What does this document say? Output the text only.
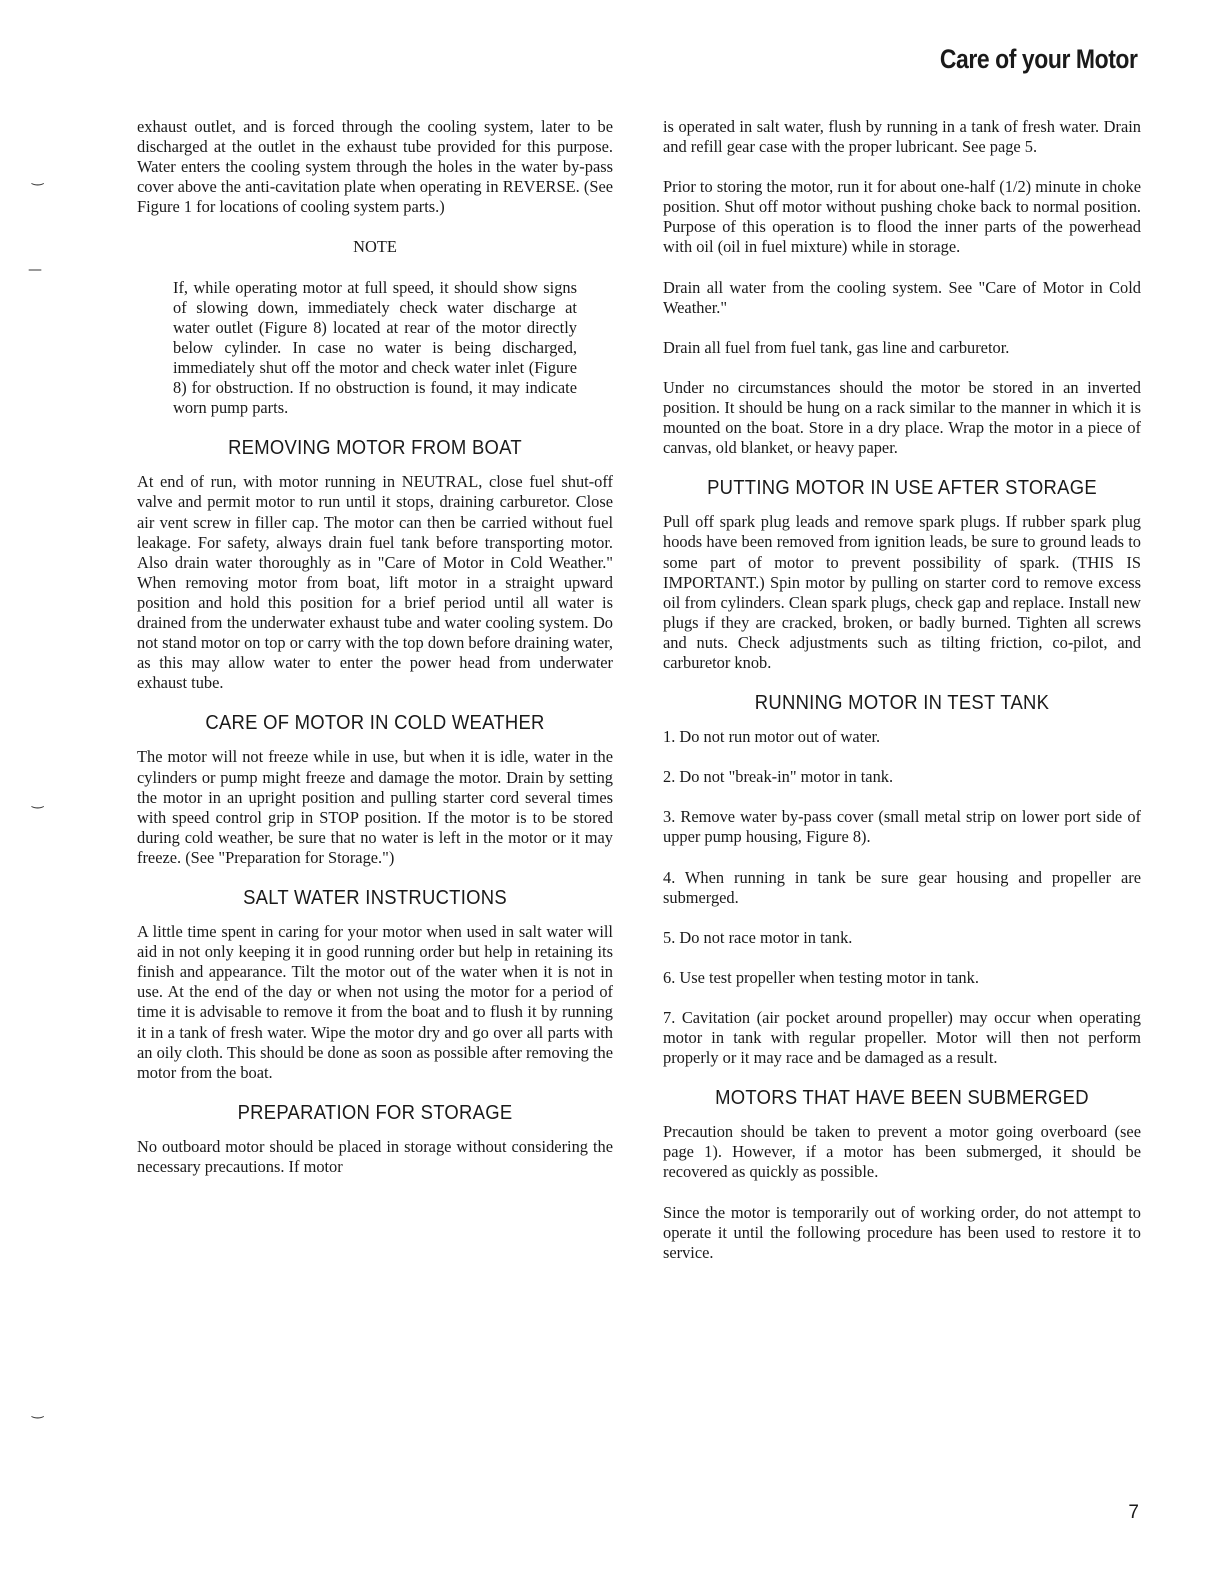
Care of your Motor
‿
—
‿
‿

exhaust outlet, and is forced through the cooling system, later to be discharged at the outlet in the exhaust tube provided for this purpose. Water enters the cooling system through the holes in the water by-pass cover above the anti-cavitation plate when operating in REVERSE. (See Figure 1 for locations of cooling system parts.)

NOTE

If, while operating motor at full speed, it should show signs of slowing down, immediately check water discharge at water outlet (Figure 8) located at rear of the motor directly below cylinder. In case no water is being discharged, immediately shut off the motor and check water inlet (Figure 8) for obstruction. If no obstruction is found, it may indicate worn pump parts.

REMOVING MOTOR FROM BOAT

At end of run, with motor running in NEUTRAL, close fuel shut-off valve and permit motor to run until it stops, draining carburetor. Close air vent screw in filler cap. The motor can then be carried without fuel leakage. For safety, always drain fuel tank before transporting motor. Also drain water thoroughly as in "Care of Motor in Cold Weather." When removing motor from boat, lift motor in a straight upward position and hold this position for a brief period until all water is drained from the underwater exhaust tube and water cooling system. Do not stand motor on top or carry with the top down before draining water, as this may allow water to enter the power head from underwater exhaust tube.

CARE OF MOTOR IN COLD WEATHER

The motor will not freeze while in use, but when it is idle, water in the cylinders or pump might freeze and damage the motor. Drain by setting the motor in an upright position and pulling starter cord several times with speed control grip in STOP position. If the motor is to be stored during cold weather, be sure that no water is left in the motor or it may freeze. (See "Preparation for Storage.")

SALT WATER INSTRUCTIONS

A little time spent in caring for your motor when used in salt water will aid in not only keeping it in good running order but help in retaining its finish and appearance. Tilt the motor out of the water when it is not in use. At the end of the day or when not using the motor for a period of time it is advisable to remove it from the boat and to flush it by running it in a tank of fresh water. Wipe the motor dry and go over all parts with an oily cloth. This should be done as soon as possible after removing the motor from the boat.

PREPARATION FOR STORAGE

No outboard motor should be placed in storage without considering the necessary precautions. If motor

is operated in salt water, flush by running in a tank of fresh water. Drain and refill gear case with the proper lubricant. See page 5.

Prior to storing the motor, run it for about one-half (1/2) minute in choke position. Shut off motor without pushing choke back to normal position. Purpose of this operation is to flood the inner parts of the powerhead with oil (oil in fuel mixture) while in storage.

Drain all water from the cooling system. See "Care of Motor in Cold Weather."

Drain all fuel from fuel tank, gas line and carburetor.

Under no circumstances should the motor be stored in an inverted position. It should be hung on a rack similar to the manner in which it is mounted on the boat. Store in a dry place. Wrap the motor in a piece of canvas, old blanket, or heavy paper.

PUTTING MOTOR IN USE AFTER STORAGE

Pull off spark plug leads and remove spark plugs. If rubber spark plug hoods have been removed from ignition leads, be sure to ground leads to some part of motor to prevent possibility of spark. (THIS IS IMPORTANT.) Spin motor by pulling on starter cord to remove excess oil from cylinders. Clean spark plugs, check gap and replace. Install new plugs if they are cracked, broken, or badly burned. Tighten all screws and nuts. Check adjustments such as tilting friction, co-pilot, and carburetor knob.

RUNNING MOTOR IN TEST TANK

1. Do not run motor out of water.

2. Do not "break-in" motor in tank.

3. Remove water by-pass cover (small metal strip on lower port side of upper pump housing, Figure 8).

4. When running in tank be sure gear housing and propeller are submerged.

5. Do not race motor in tank.

6. Use test propeller when testing motor in tank.

7. Cavitation (air pocket around propeller) may occur when operating motor in tank with regular propeller. Motor will then not perform properly or it may race and be damaged as a result.

MOTORS THAT HAVE BEEN SUBMERGED

Precaution should be taken to prevent a motor going overboard (see page 1). However, if a motor has been submerged, it should be recovered as quickly as possible.

Since the motor is temporarily out of working order, do not attempt to operate it until the following procedure has been used to restore it to service.

7
